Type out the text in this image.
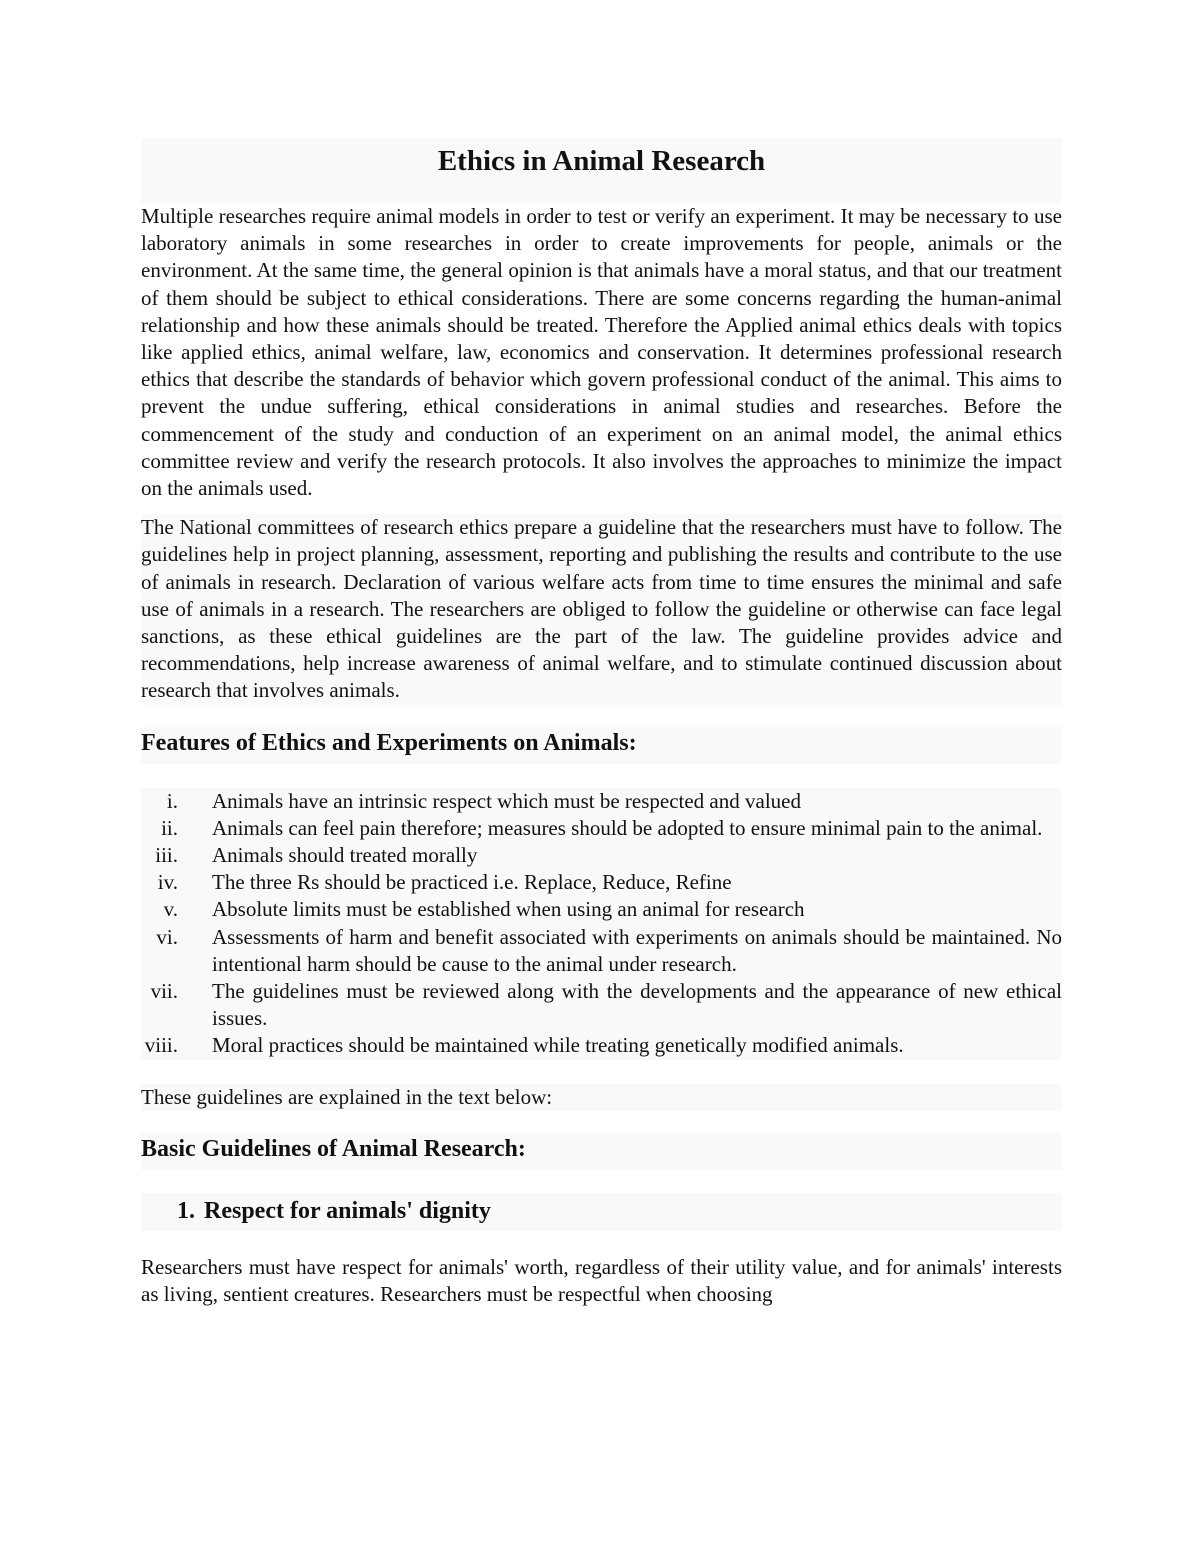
Ethics in Animal Research

Multiple researches require animal models in order to test or verify an experiment. It may be necessary to use laboratory animals in some researches in order to create improvements for people, animals or the environment. At the same time, the general opinion is that animals have a moral status, and that our treatment of them should be subject to ethical considerations. There are some concerns regarding the human-animal relationship and how these animals should be treated. Therefore the Applied animal ethics deals with topics like applied ethics, animal welfare, law, economics and conservation. It determines professional research ethics that describe the standards of behavior which govern professional conduct of the animal. This aims to prevent the undue suffering, ethical considerations in animal studies and researches. Before the commencement of the study and conduction of an experiment on an animal model, the animal ethics committee review and verify the research protocols. It also involves the approaches to minimize the impact on the animals used.

The National committees of research ethics prepare a guideline that the researchers must have to follow. The guidelines help in project planning, assessment, reporting and publishing the results and contribute to the use of animals in research. Declaration of various welfare acts from time to time ensures the minimal and safe use of animals in a research. The researchers are obliged to follow the guideline or otherwise can face legal sanctions, as these ethical guidelines are the part of the law. The guideline provides advice and recommendations, help increase awareness of animal welfare, and to stimulate continued discussion about research that involves animals.

Features of Ethics and Experiments on Animals:
i. Animals have an intrinsic respect which must be respected and valued
ii. Animals can feel pain therefore; measures should be adopted to ensure minimal pain to the animal.
iii. Animals should treated morally
iv. The three Rs should be practiced i.e. Replace, Reduce, Refine
v. Absolute limits must be established when using an animal for research
vi. Assessments of harm and benefit associated with experiments on animals should be maintained. No intentional harm should be cause to the animal under research.
vii. The guidelines must be reviewed along with the developments and the appearance of new ethical issues.
viii. Moral practices should be maintained while treating genetically modified animals.

These guidelines are explained in the text below:

Basic Guidelines of Animal Research:
1. Respect for animals' dignity

Researchers must have respect for animals' worth, regardless of their utility value, and for animals' interests as living, sentient creatures. Researchers must be respectful when choosing
